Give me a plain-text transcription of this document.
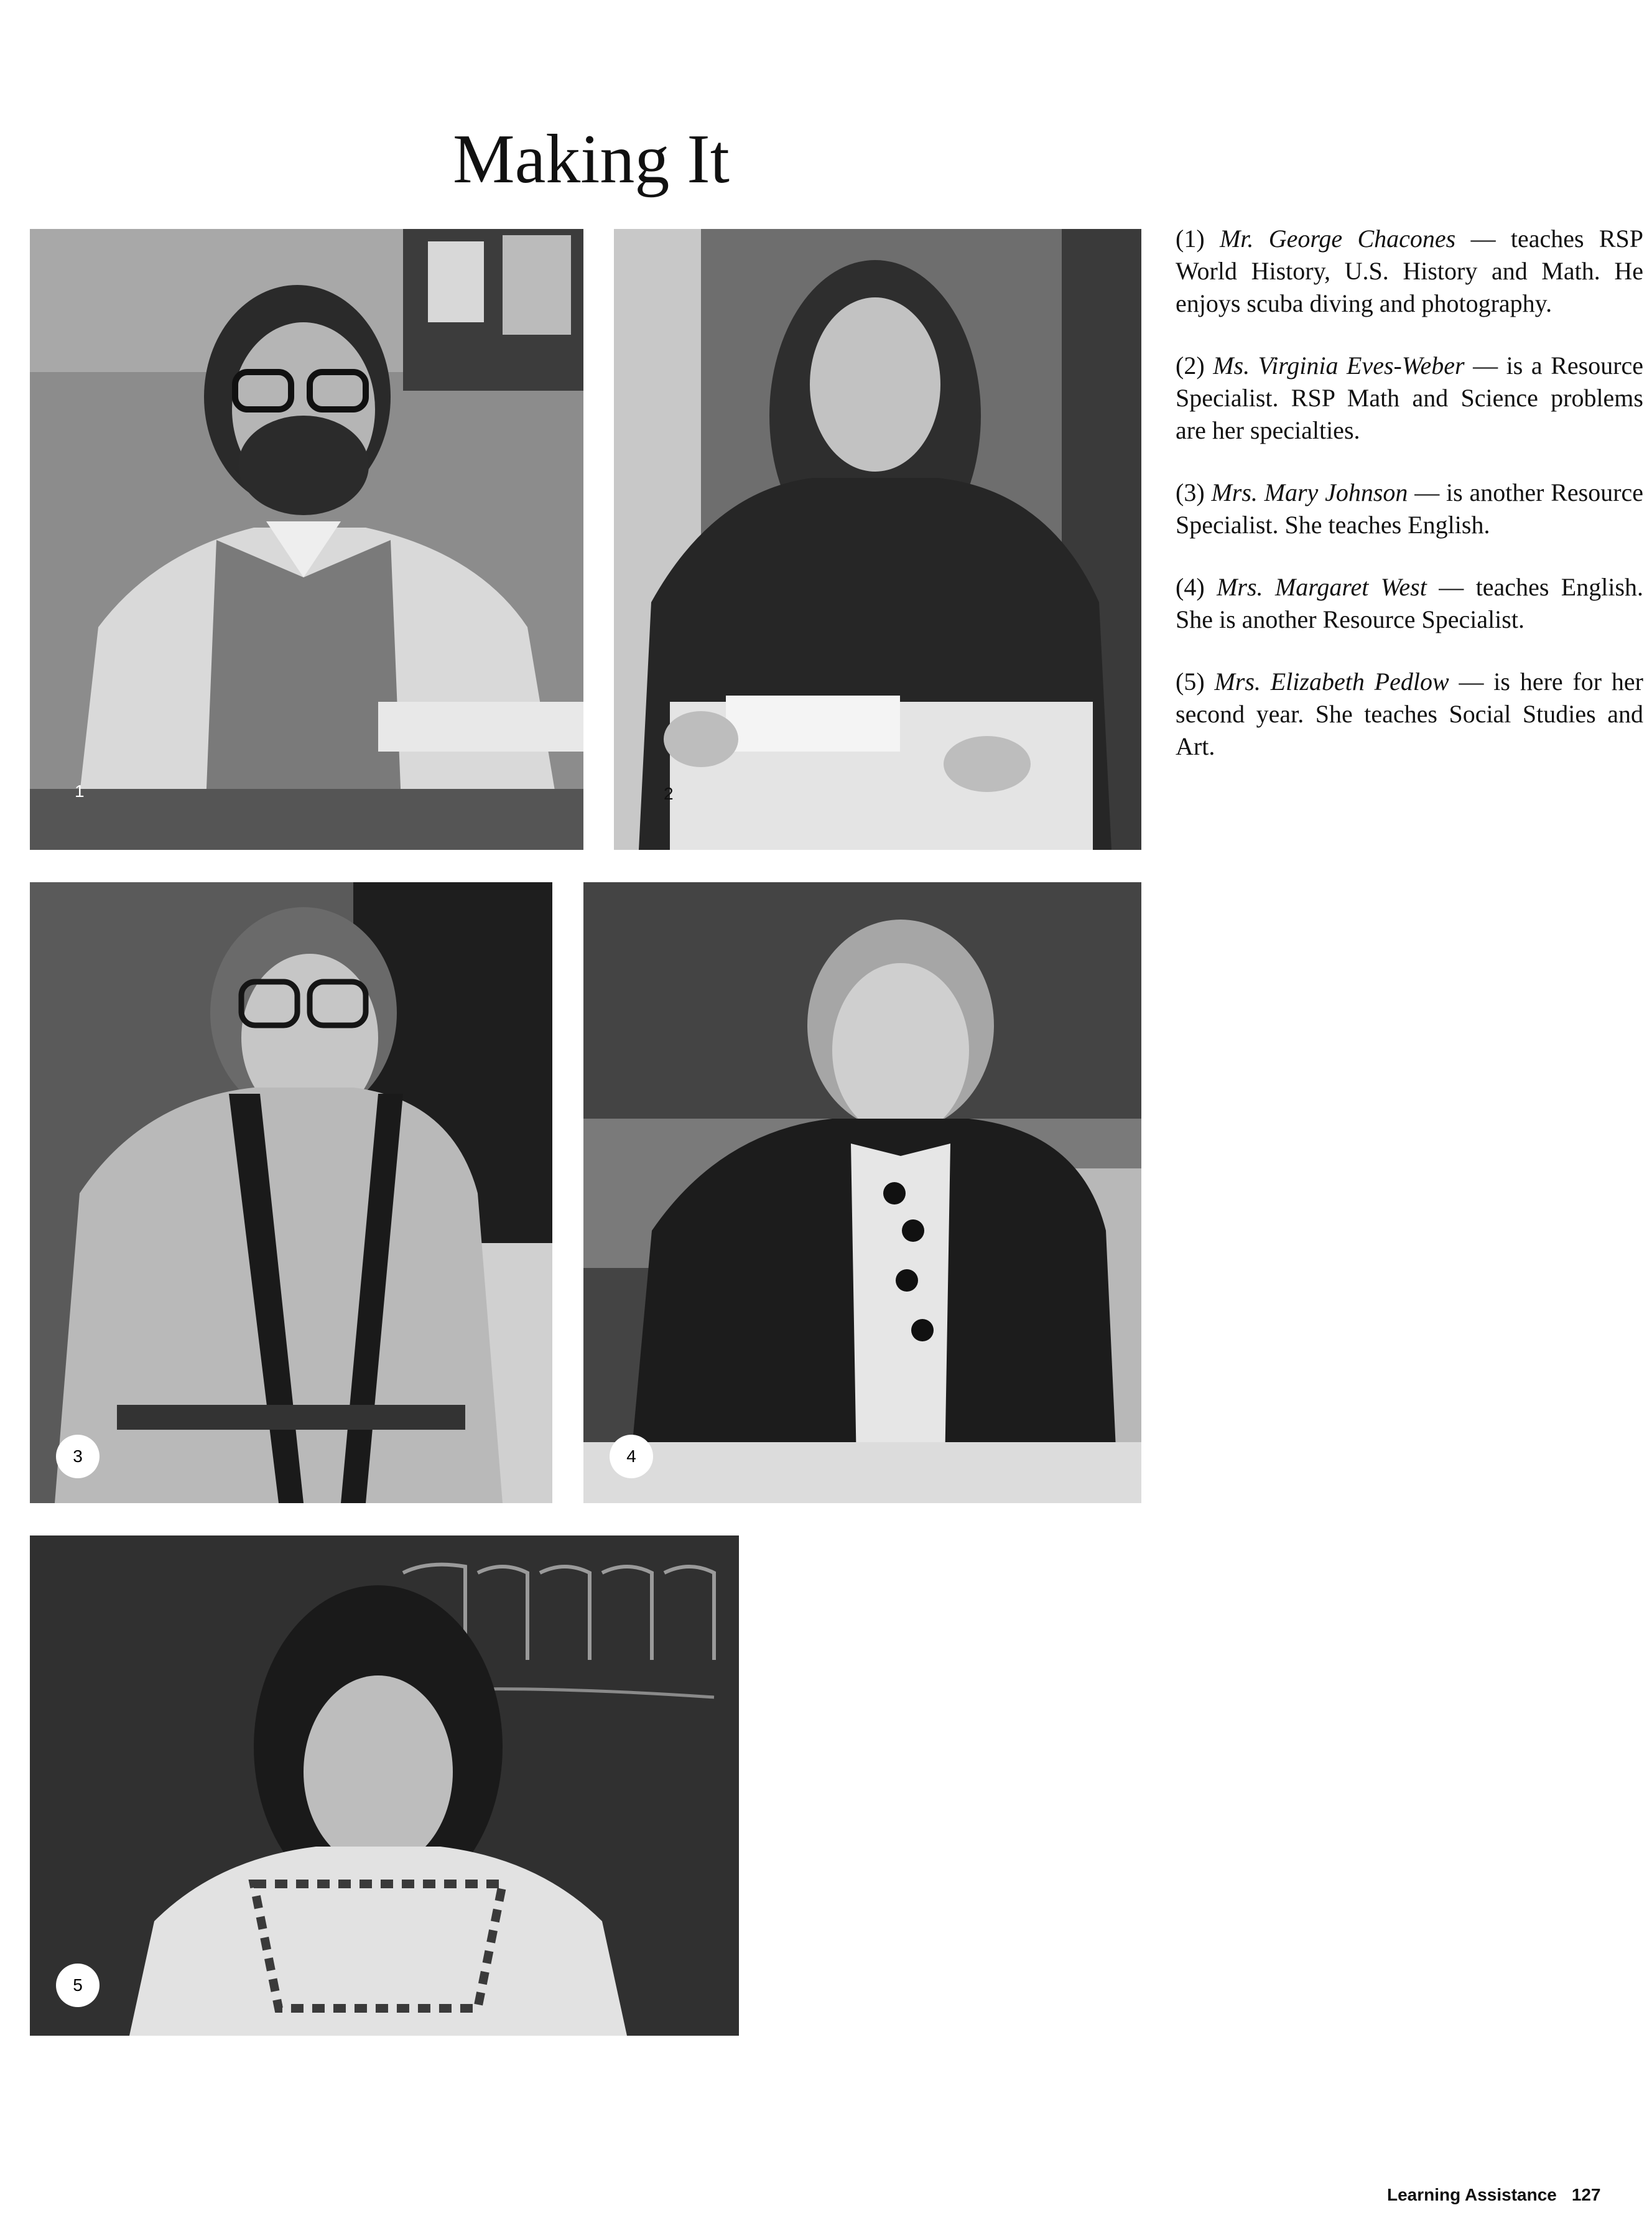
Making It
1	2
3	4
5

(1) Mr. George Chacones — teaches RSP World History, U.S. History and Math. He enjoys scuba diving and photography.

(2) Ms. Virginia Eves-Weber — is a Resource Specialist. RSP Math and Science problems are her specialties.

(3) Mrs. Mary Johnson — is another Resource Specialist. She teaches English.

(4) Mrs. Margaret West — teaches English. She is another Resource Specialist.

(5) Mrs. Elizabeth Pedlow — is here for her second year. She teaches Social Studies and Art.

Learning Assistance 127
